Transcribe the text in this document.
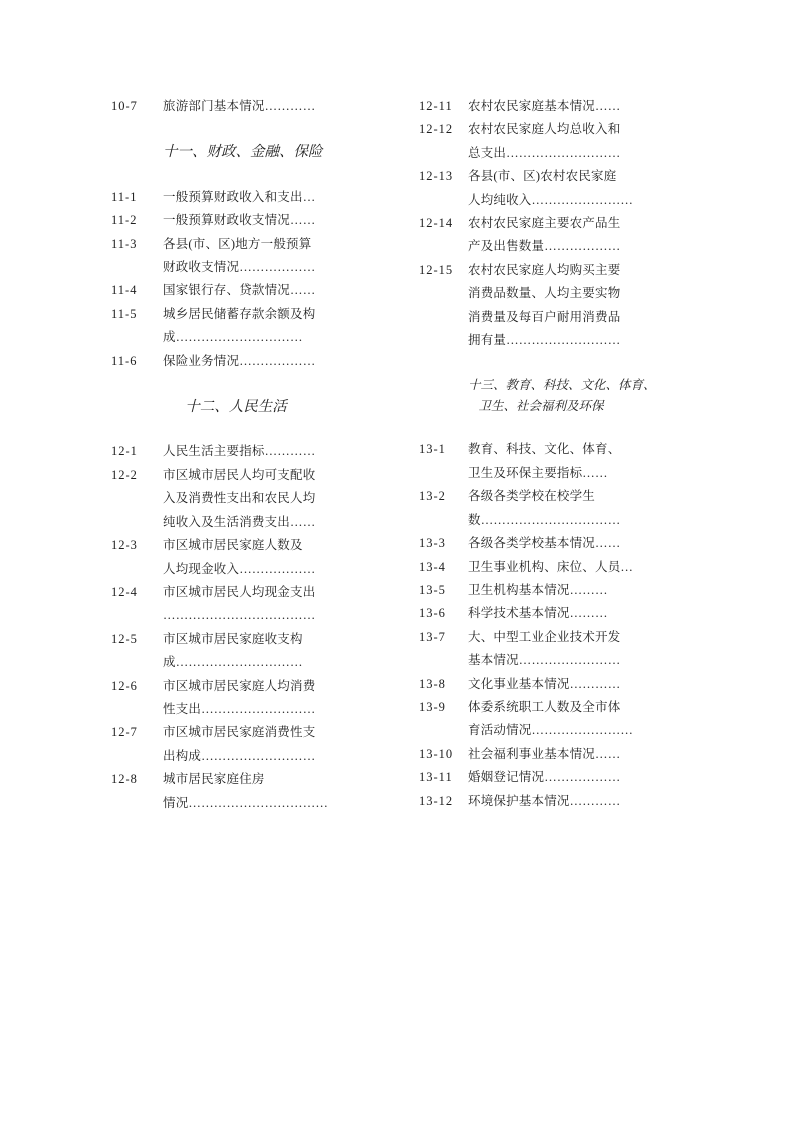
10-7	旅游部门基本情况…………
十一、财政、金融、保险
11-1	一般预算财政收入和支出…
11-2	一般预算财政收支情况……
11-3	各县(市、区)地方一般预算
财政收支情况………………
11-4	国家银行存、贷款情况……
11-5	城乡居民储蓄存款余额及构
成…………………………
11-6	保险业务情况………………
十二、人民生活
12-1	人民生活主要指标…………
12-2	市区城市居民人均可支配收
入及消费性支出和农民人均
纯收入及生活消费支出……
12-3	市区城市居民家庭人数及
人均现金收入………………
12-4	市区城市居民人均现金支出
………………………………
12-5	市区城市居民家庭收支构
成…………………………
12-6	市区城市居民家庭人均消费
性支出………………………
12-7	市区城市居民家庭消费性支
出构成………………………
12-8	城市居民家庭住房
情况……………………………
12-11	农村农民家庭基本情况……
12-12	农村农民家庭人均总收入和
总支出………………………
12-13	各县(市、区)农村农民家庭
人均纯收入……………………
12-14	农村农民家庭主要农产品生
产及出售数量………………
12-15	农村农民家庭人均购买主要
消费品数量、人均主要实物
消费量及每百户耐用消费品
拥有量………………………
十三、教育、科技、文化、体育、
卫生、社会福利及环保
13-1	教育、科技、文化、体育、
卫生及环保主要指标……
13-2	各级各类学校在校学生
数……………………………
13-3	各级各类学校基本情况……
13-4	卫生事业机构、床位、人员…
13-5	卫生机构基本情况………
13-6	科学技术基本情况………
13-7	大、中型工业企业技术开发
基本情况……………………
13-8	文化事业基本情况…………
13-9	体委系统职工人数及全市体
育活动情况……………………
13-10	社会福利事业基本情况……
13-11	婚姻登记情况………………
13-12	环境保护基本情况…………
